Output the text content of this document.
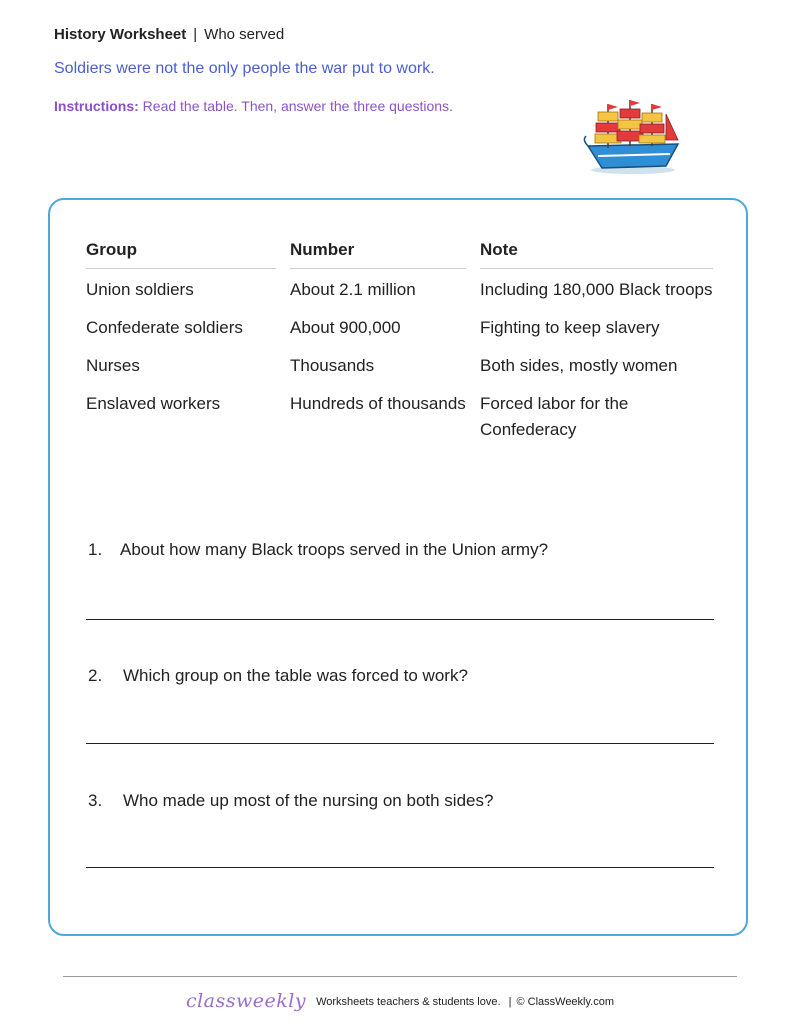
History Worksheet | Who served
Soldiers were not the only people the war put to work.
Instructions: Read the table. Then, answer the three questions.
Group	Number	Note
Union soldiers	About 2.1 million	Including 180,000 Black troops
Confederate soldiers	About 900,000	Fighting to keep slavery
Nurses	Thousands	Both sides, mostly women
Enslaved workers	Hundreds of thousands	Forced labor for the Confederacy
1. About how many Black troops served in the Union army?
2. Which group on the table was forced to work?
3. Who made up most of the nursing on both sides?
classweekly Worksheets teachers & students love. | © ClassWeekly.com
